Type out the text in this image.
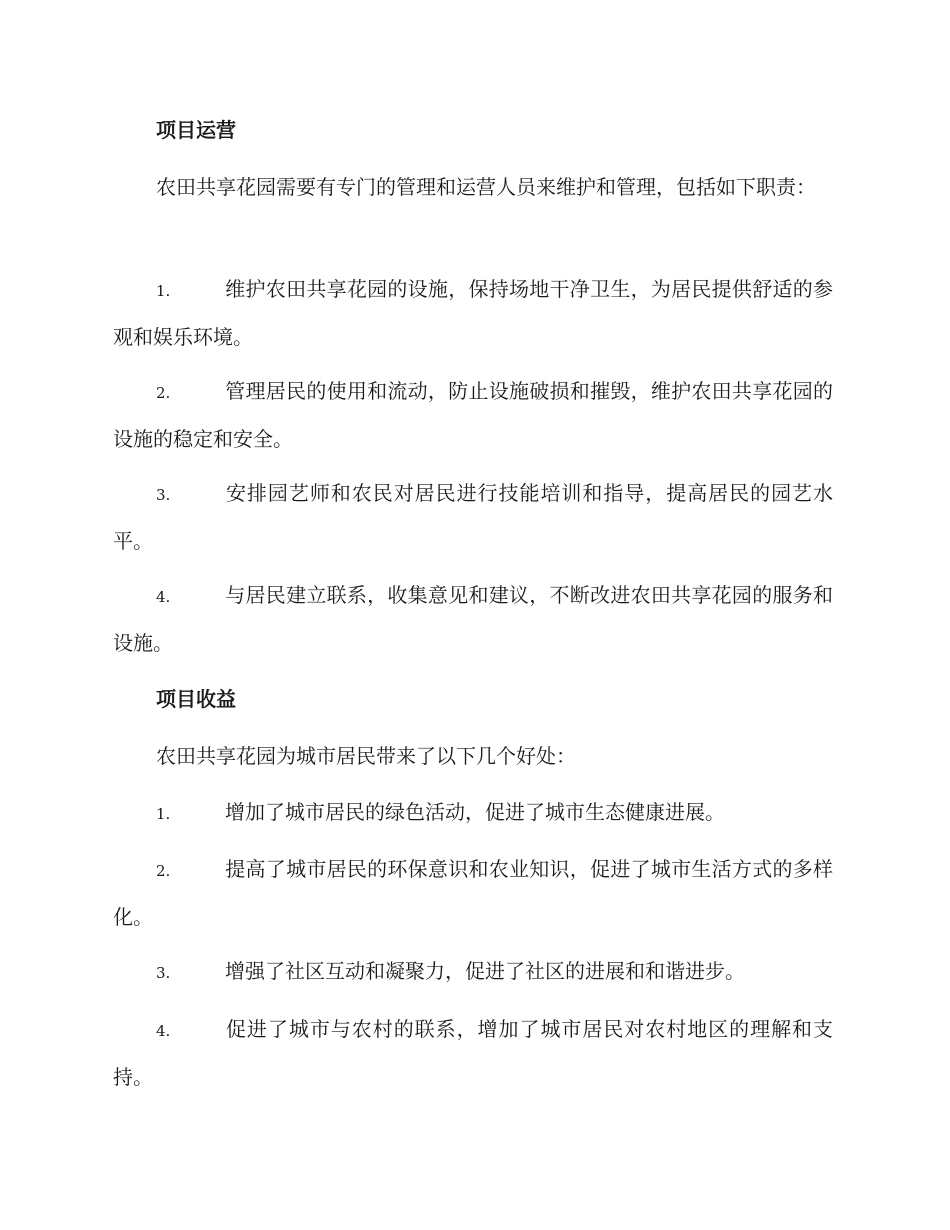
项目运营

农田共享花园需要有专门的管理和运营人员来维护和管理，包括如下职责：

1.	维护农田共享花园的设施，保持场地干净卫生，为居民提供舒适的参观和娱乐环境。

2.	管理居民的使用和流动，防止设施破损和摧毁，维护农田共享花园的设施的稳定和安全。

3.	安排园艺师和农民对居民进行技能培训和指导，提高居民的园艺水平。

4.	与居民建立联系，收集意见和建议，不断改进农田共享花园的服务和设施。

项目收益

农田共享花园为城市居民带来了以下几个好处：

1.	增加了城市居民的绿色活动，促进了城市生态健康进展。

2.	提高了城市居民的环保意识和农业知识，促进了城市生活方式的多样化。

3.	增强了社区互动和凝聚力，促进了社区的进展和和谐进步。

4.	促进了城市与农村的联系，增加了城市居民对农村地区的理解和支持。
